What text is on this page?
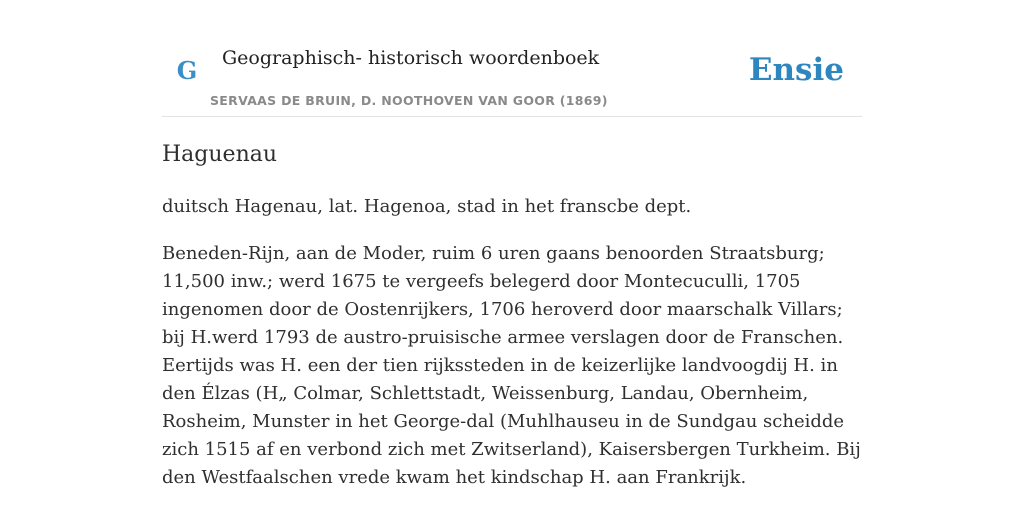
G Geographisch- historisch woordenboek
SERVAAS DE BRUIN, D. NOOTHOVEN VAN GOOR (1869)
Ensie
Haguenau

duitsch Hagenau, lat. Hagenoa, stad in het franscbe dept.

Beneden-Rijn, aan de Moder, ruim 6 uren gaans benoorden Straatsburg; 11,500 inw.; werd 1675 te vergeefs belegerd door Montecuculli, 1705 ingenomen door de Oostenrijkers, 1706 heroverd door maarschalk Villars; bij H.werd 1793 de austro-pruisische armee verslagen door de Franschen. Eertijds was H. een der tien rijkssteden in de keizerlijke landvoogdij H. in den Élzas (H„ Colmar, Schlettstadt, Weissenburg, Landau, Obernheim, Rosheim, Munster in het George-dal (Muhlhauseu in de Sundgau scheidde zich 1515 af en verbond zich met Zwitserland), Kaisersbergen Turkheim. Bij den Westfaalschen vrede kwam het kindschap H. aan Frankrijk.
